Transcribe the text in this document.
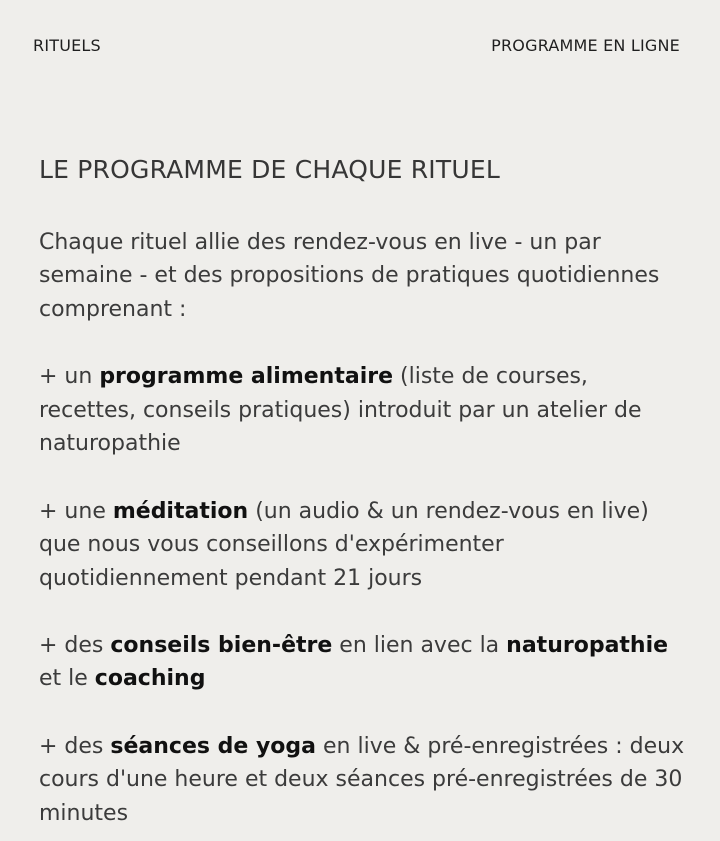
RITUELS	PROGRAMME EN LIGNE
LE PROGRAMME DE CHAQUE RITUEL

Chaque rituel allie des rendez-vous en live - un par semaine - et des propositions de pratiques quotidiennes comprenant :

+ un programme alimentaire (liste de courses, recettes, conseils pratiques) introduit par un atelier de naturopathie

+ une méditation (un audio & un rendez-vous en live) que nous vous conseillons d'expérimenter quotidiennement pendant 21 jours

+ des conseils bien-être en lien avec la naturopathie et le coaching

+ des séances de yoga en live & pré-enregistrées : deux cours d'une heure et deux séances pré-enregistrées de 30 minutes
